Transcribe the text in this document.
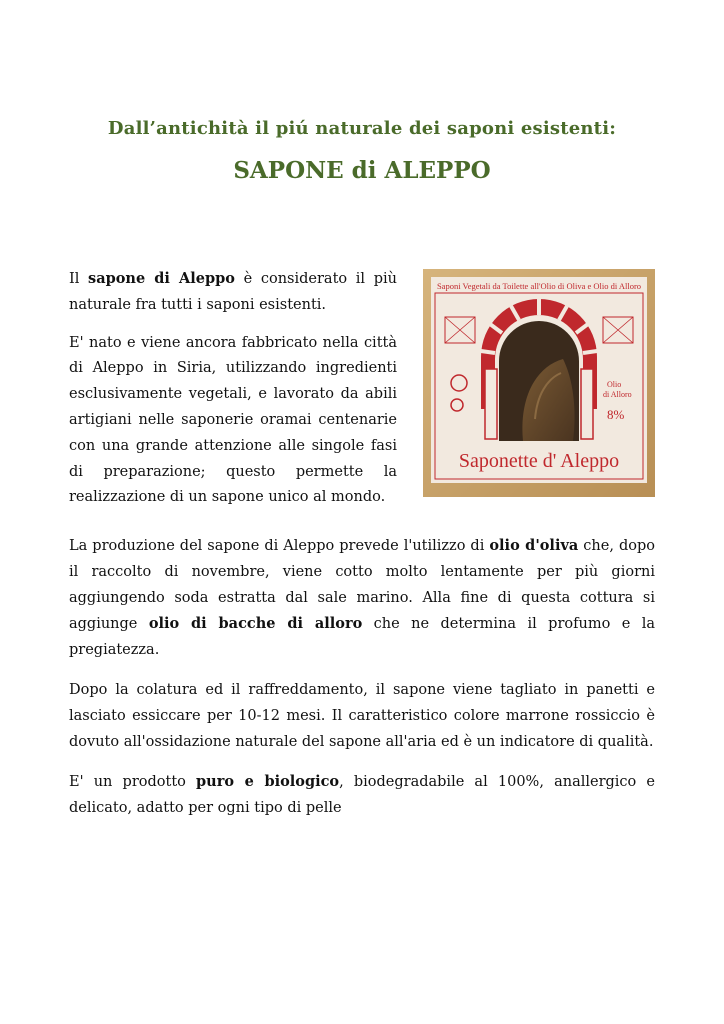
Dall’antichità il piú naturale dei saponi esistenti:
SAPONE di ALEPPO

Il sapone di Aleppo è considerato il più naturale fra tutti i saponi esistenti.

E' nato e viene ancora fabbricato nella città di Aleppo in Siria, utilizzando ingredienti esclusivamente vegetali, e lavorato da abili artigiani nelle saponerie oramai centenarie con una grande attenzione alle singole fasi di preparazione; questo permette la realizzazione di un sapone unico al mondo.

Saponi Vegetali da Toilette all'Olio di Oliva e Olio di Alloro
Olio
di Alloro
8%
Saponette d' Aleppo

La produzione del sapone di Aleppo prevede l'utilizzo di olio d'oliva che, dopo il raccolto di novembre, viene cotto molto lentamente per più giorni aggiungendo soda estratta dal sale marino. Alla fine di questa cottura si aggiunge olio di bacche di alloro che ne determina il profumo e la pregiatezza.

Dopo la colatura ed il raffreddamento, il sapone viene tagliato in panetti e lasciato essiccare per 10-12 mesi. Il caratteristico colore marrone rossiccio è dovuto all'ossidazione naturale del sapone all'aria ed è un indicatore di qualità.

E' un prodotto puro e biologico, biodegradabile al 100%, anallergico e delicato, adatto per ogni tipo di pelle
